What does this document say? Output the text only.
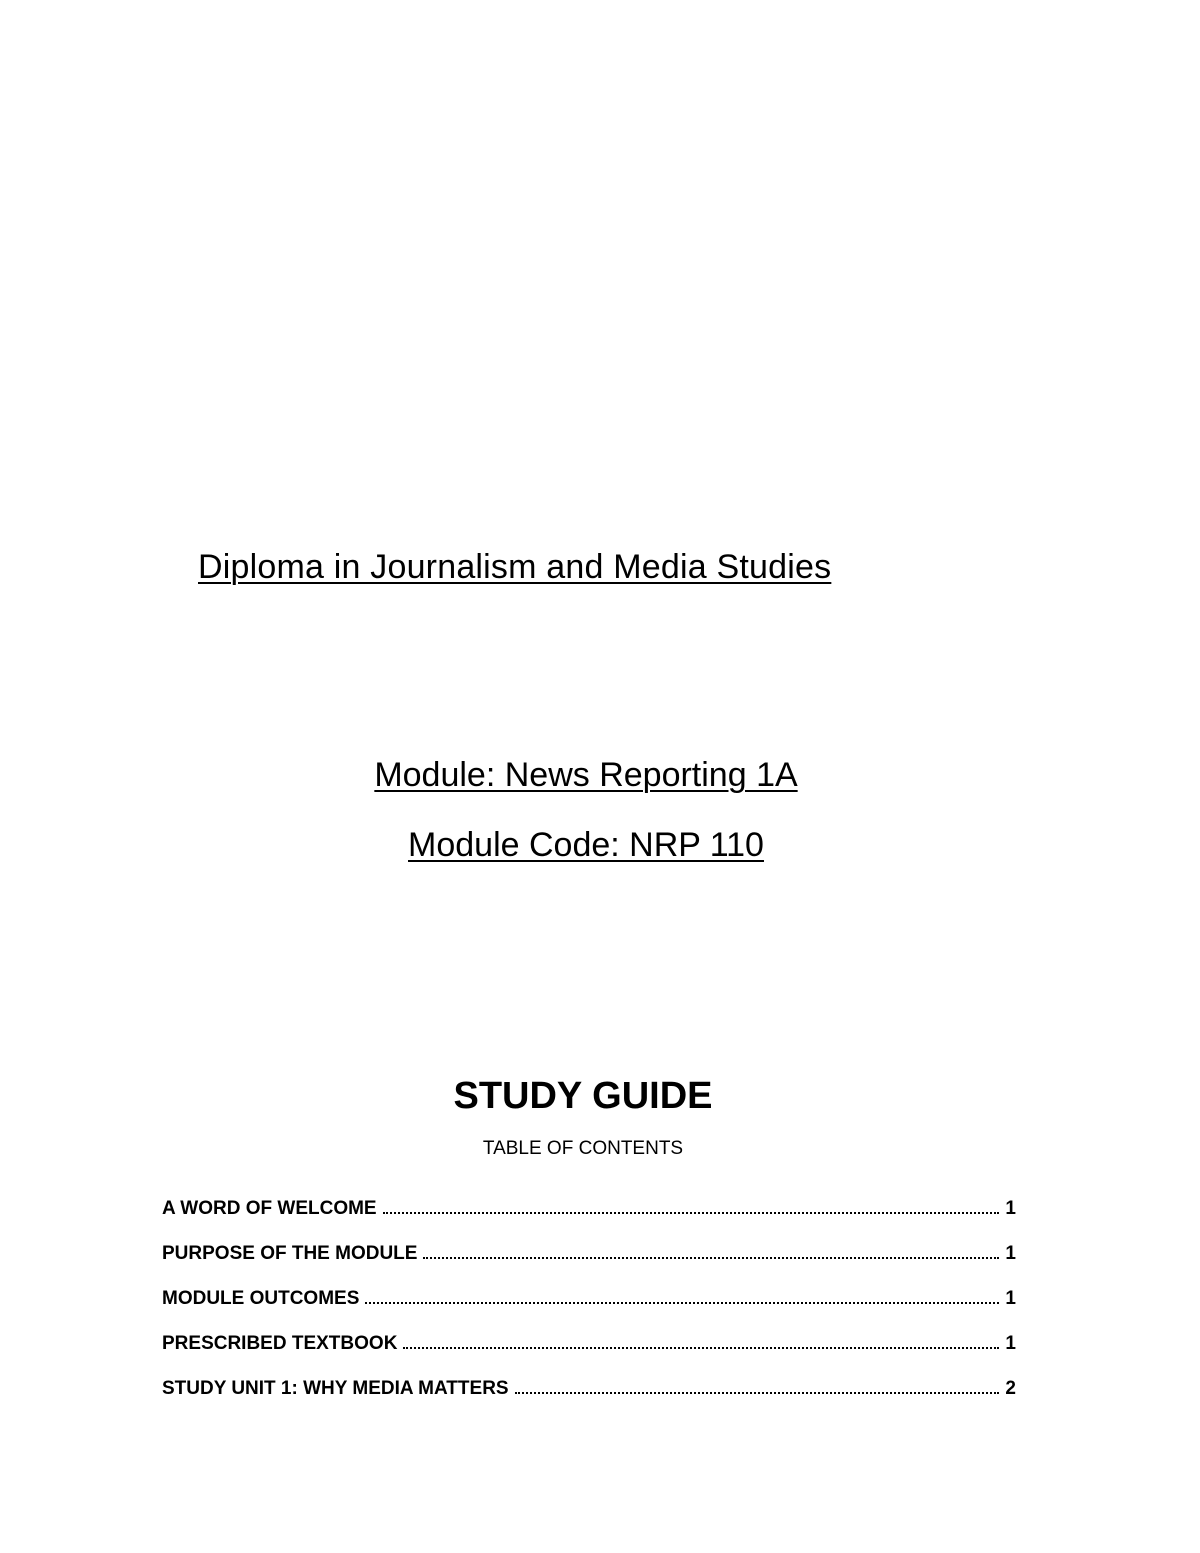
Diploma in Journalism and Media Studies
Module: News Reporting 1A
Module Code: NRP 110
STUDY GUIDE
TABLE OF CONTENTS
A WORD OF WELCOME	1
PURPOSE OF THE MODULE	1
MODULE OUTCOMES	1
PRESCRIBED TEXTBOOK	1
STUDY UNIT 1: WHY MEDIA MATTERS	2
